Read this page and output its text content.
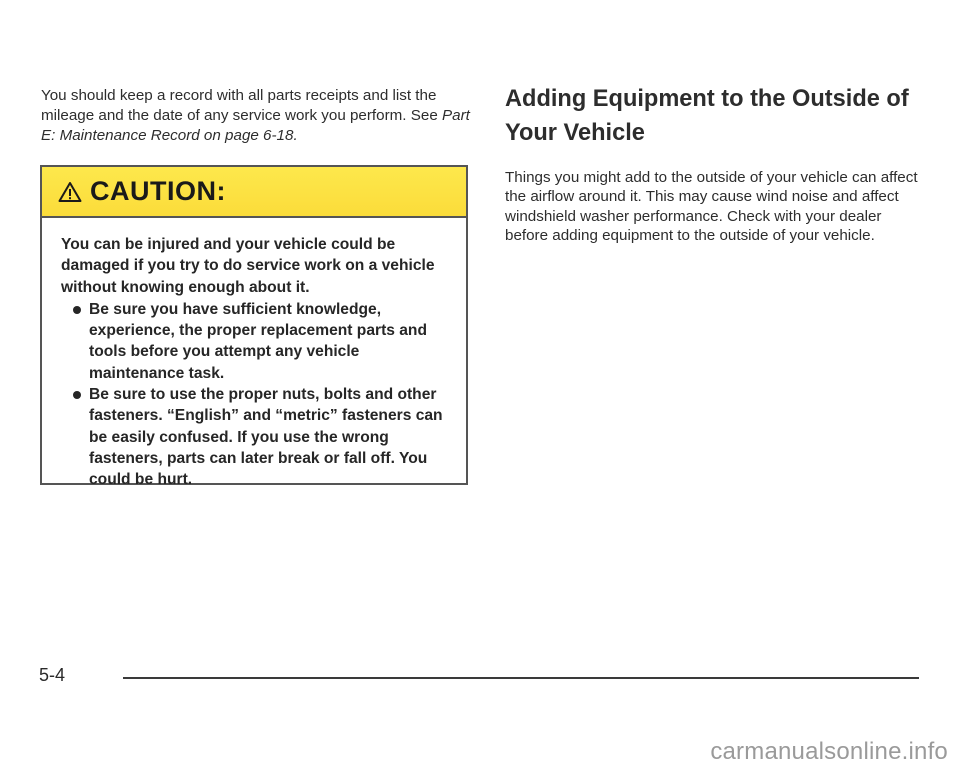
You should keep a record with all parts receipts and list the mileage and the date of any service work you perform. See Part E: Maintenance Record on page 6-18.

CAUTION:

You can be injured and your vehicle could be damaged if you try to do service work on a vehicle without knowing enough about it.

Be sure you have sufficient knowledge, experience, the proper replacement parts and tools before you attempt any vehicle maintenance task.
Be sure to use the proper nuts, bolts and other fasteners. “English” and “metric” fasteners can be easily confused. If you use the wrong fasteners, parts can later break or fall off. You could be hurt.
Adding Equipment to the Outside of Your Vehicle

Things you might add to the outside of your vehicle can affect the airflow around it. This may cause wind noise and affect windshield washer performance. Check with your dealer before adding equipment to the outside of your vehicle.

5-4
carmanualsonline.info
